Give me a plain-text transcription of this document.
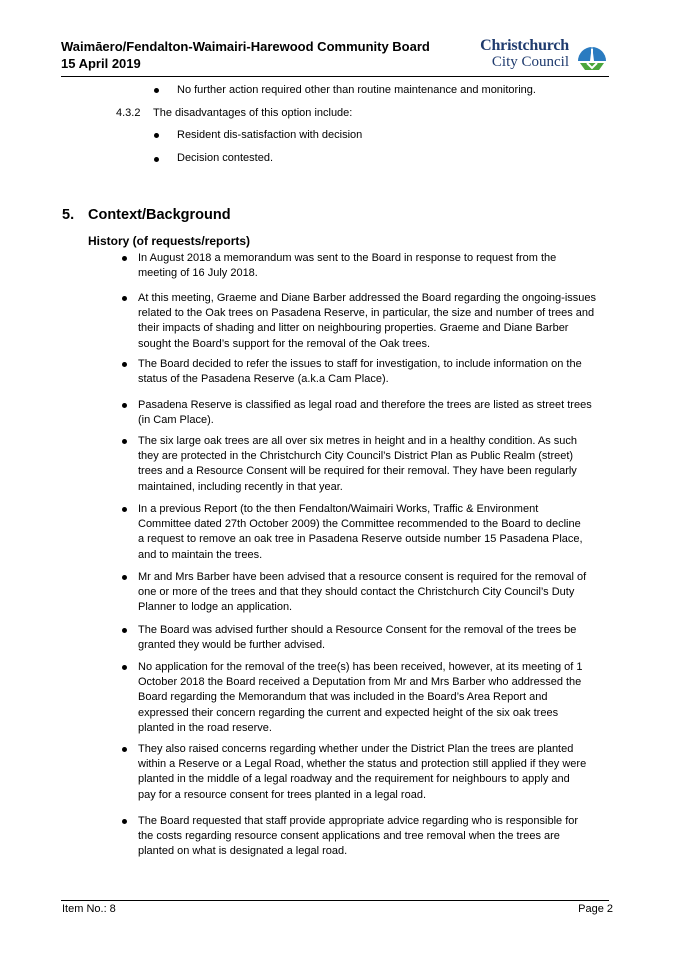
Waimāero/Fendalton-Waimairi-Harewood Community Board
15 April 2019
Christchurch
City Council
No further action required other than routine maintenance and monitoring.
4.3.2 The disadvantages of this option include:
Resident dis-satisfaction with decision
Decision contested.
5. Context/Background
History (of requests/reports)
In August 2018 a memorandum was sent to the Board in response to request from the
meeting of 16 July 2018.
At this meeting, Graeme and Diane Barber addressed the Board regarding the ongoing-issues
related to the Oak trees on Pasadena Reserve, in particular, the size and number of trees and
their impacts of shading and litter on neighbouring properties. Graeme and Diane Barber
sought the Board’s support for the removal of the Oak trees.
The Board decided to refer the issues to staff for investigation, to include information on the
status of the Pasadena Reserve (a.k.a Cam Place).
Pasadena Reserve is classified as legal road and therefore the trees are listed as street trees
(in Cam Place).
The six large oak trees are all over six metres in height and in a healthy condition. As such
they are protected in the Christchurch City Council’s District Plan as Public Realm (street)
trees and a Resource Consent will be required for their removal. They have been regularly
maintained, including recently in that year.
In a previous Report (to the then Fendalton/Waimairi Works, Traffic & Environment
Committee dated 27th October 2009) the Committee recommended to the Board to decline
a request to remove an oak tree in Pasadena Reserve outside number 15 Pasadena Place,
and to maintain the trees.
Mr and Mrs Barber have been advised that a resource consent is required for the removal of
one or more of the trees and that they should contact the Christchurch City Council’s Duty
Planner to lodge an application.
The Board was advised further should a Resource Consent for the removal of the trees be
granted they would be further advised.
No application for the removal of the tree(s) has been received, however, at its meeting of 1
October 2018 the Board received a Deputation from Mr and Mrs Barber who addressed the
Board regarding the Memorandum that was included in the Board’s Area Report and
expressed their concern regarding the current and expected height of the six oak trees
planted in the road reserve.
They also raised concerns regarding whether under the District Plan the trees are planted
within a Reserve or a Legal Road, whether the status and protection still applied if they were
planted in the middle of a legal roadway and the requirement for neighbours to apply and
pay for a resource consent for trees planted in a legal road.
The Board requested that staff provide appropriate advice regarding who is responsible for
the costs regarding resource consent applications and tree removal when the trees are
planted on what is designated a legal road.
Item No.: 8	Page 2
